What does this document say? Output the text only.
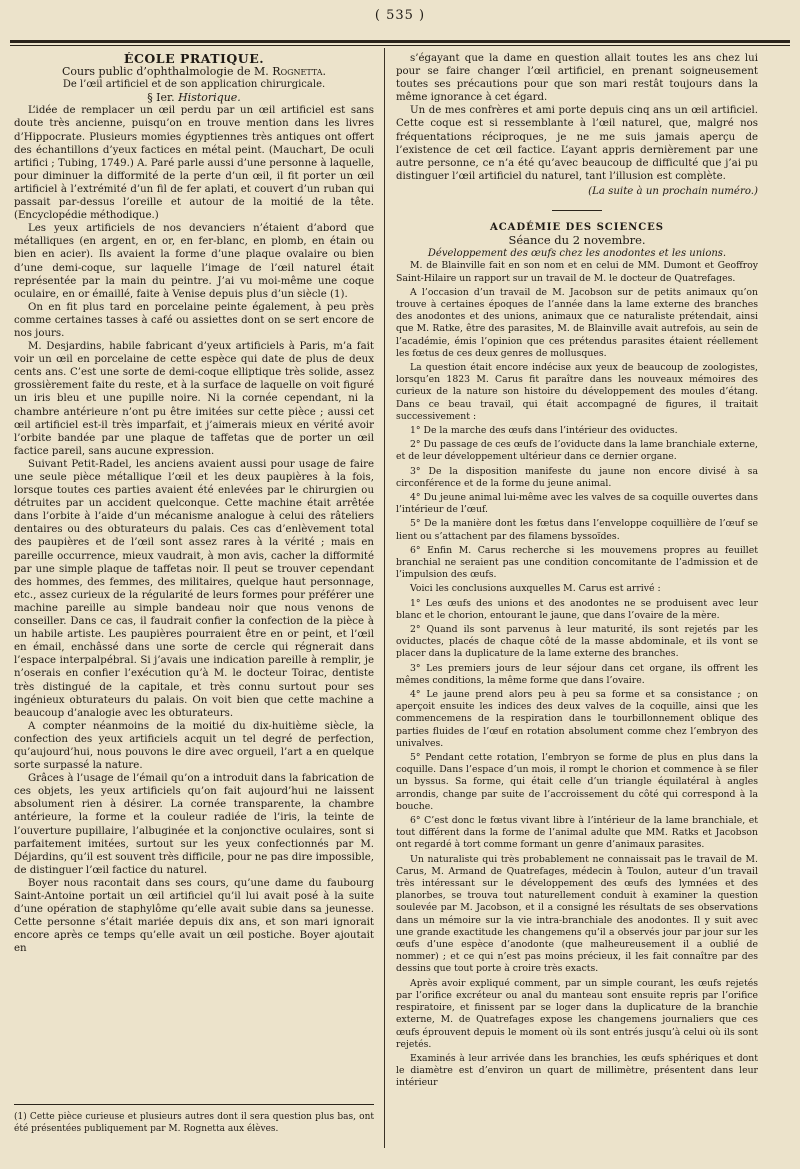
( 535 )

ÉCOLE PRATIQUE.

Cours public d’ophthalmologie de M. Rognetta.

De l’œil artificiel et de son application chirurgicale.

§ Ier. Historique.

L’idée de remplacer un œil perdu par un œil artificiel est sans doute très ancienne, puisqu’on en trouve mention dans les livres d’Hippocrate. Plusieurs momies égyptiennes très antiques ont offert des échantillons d’yeux factices en métal peint. (Mauchart, De oculi artifici ; Tubing, 1749.) A. Paré parle aussi d’une personne à laquelle, pour diminuer la difformité de la perte d’un œil, il fit porter un œil artificiel à l’extrémité d’un fil de fer aplati, et couvert d’un ruban qui passait par-dessus l’oreille et autour de la moitié de la tête. (Encyclopédie méthodique.)

Les yeux artificiels de nos devanciers n’étaient d’abord que métalliques (en argent, en or, en fer-blanc, en plomb, en étain ou bien en acier). Ils avaient la forme d’une plaque ovalaire ou bien d’une demi-coque, sur laquelle l’image de l’œil naturel était représentée par la main du peintre. J’ai vu moi-même une coque oculaire, en or émaillé, faite à Venise depuis plus d’un siècle (1).

On en fit plus tard en porcelaine peinte également, à peu près comme certaines tasses à café ou assiettes dont on se sert encore de nos jours.

M. Desjardins, habile fabricant d’yeux artificiels à Paris, m’a fait voir un œil en porcelaine de cette espèce qui date de plus de deux cents ans. C’est une sorte de demi-coque elliptique très solide, assez grossièrement faite du reste, et à la surface de laquelle on voit figuré un iris bleu et une pupille noire. Ni la cornée cependant, ni la chambre antérieure n’ont pu être imitées sur cette pièce ; aussi cet œil artificiel est-il très imparfait, et j’aimerais mieux en vérité avoir l’orbite bandée par une plaque de taffetas que de porter un œil factice pareil, sans aucune expression.

Suivant Petit-Radel, les anciens avaient aussi pour usage de faire une seule pièce métallique l’œil et les deux paupières à la fois, lorsque toutes ces parties avaient été enlevées par le chirurgien ou détruites par un accident quelconque. Cette machine était arrêtée dans l’orbite à l’aide d’un mécanisme analogue à celui des râteliers dentaires ou des obturateurs du palais. Ces cas d’enlèvement total des paupières et de l’œil sont assez rares à la vérité ; mais en pareille occurrence, mieux vaudrait, à mon avis, cacher la difformité par une simple plaque de taffetas noir. Il peut se trouver cependant des hommes, des femmes, des militaires, quelque haut personnage, etc., assez curieux de la régularité de leurs formes pour préférer une machine pareille au simple bandeau noir que nous venons de conseiller. Dans ce cas, il faudrait confier la confection de la pièce à un habile artiste. Les paupières pourraient être en or peint, et l’œil en émail, enchâssé dans une sorte de cercle qui régnerait dans l’espace interpalpébral. Si j’avais une indication pareille à remplir, je n’oserais en confier l’exécution qu’à M. le docteur Toirac, dentiste très distingué de la capitale, et très connu surtout pour ses ingénieux obturateurs du palais. On voit bien que cette machine a beaucoup d’analogie avec les obturateurs.

A compter néanmoins de la moitié du dix-huitième siècle, la confection des yeux artificiels acquit un tel degré de perfection, qu’aujourd’hui, nous pouvons le dire avec orgueil, l’art a en quelque sorte surpassé la nature.

Grâces à l’usage de l’émail qu’on a introduit dans la fabrication de ces objets, les yeux artificiels qu’on fait aujourd’hui ne laissent absolument rien à désirer. La cornée transparente, la chambre antérieure, la forme et la couleur radiée de l’iris, la teinte de l’ouverture pupillaire, l’albuginée et la conjonctive oculaires, sont si parfaitement imitées, surtout sur les yeux confectionnés par M. Déjardins, qu’il est souvent très difficile, pour ne pas dire impossible, de distinguer l’œil factice du naturel.

Boyer nous racontait dans ses cours, qu’une dame du faubourg Saint-Antoine portait un œil artificiel qu’il lui avait posé à la suite d’une opération de staphylôme qu’elle avait subie dans sa jeunesse. Cette personne s’était mariée depuis dix ans, et son mari ignorait encore après ce temps qu’elle avait un œil postiche. Boyer ajoutait en

(1) Cette pièce curieuse et plusieurs autres dont il sera question plus bas, ont été présentées publiquement par M. Rognetta aux élèves.

s’égayant que la dame en question allait toutes les ans chez lui pour se faire changer l’œil artificiel, en prenant soigneusement toutes ses précautions pour que son mari restât toujours dans la même ignorance à cet égard.

Un de mes confrères et ami porte depuis cinq ans un œil artificiel. Cette coque est si ressemblante à l’œil naturel, que, malgré nos fréquentations réciproques, je ne me suis jamais aperçu de l’existence de cet œil factice. L’ayant appris dernièrement par une autre personne, ce n’a été qu’avec beaucoup de difficulté que j’ai pu distinguer l’œil artificiel du naturel, tant l’illusion est complète.

(La suite à un prochain numéro.)

ACADÉMIE DES SCIENCES

Séance du 2 novembre.

Développement des œufs chez les anodontes et les unions.

M. de Blainville fait en son nom et en celui de MM. Dumont et Geoffroy Saint-Hilaire un rapport sur un travail de M. le docteur de Quatrefages.

A l’occasion d’un travail de M. Jacobson sur de petits animaux qu’on trouve à certaines époques de l’année dans la lame externe des branches des anodontes et des unions, animaux que ce naturaliste prétendait, ainsi que M. Ratke, être des parasites, M. de Blainville avait autrefois, au sein de l’académie, émis l’opinion que ces prétendus parasites étaient réellement les fœtus de ces deux genres de mollusques.

La question était encore indécise aux yeux de beaucoup de zoologistes, lorsqu’en 1823 M. Carus fit paraître dans les nouveaux mémoires des curieux de la nature son histoire du développement des moules d’étang. Dans ce beau travail, qui était accompagné de figures, il traitait successivement :

1° De la marche des œufs dans l’intérieur des oviductes.

2° Du passage de ces œufs de l’oviducte dans la lame branchiale externe, et de leur développement ultérieur dans ce dernier organe.

3° De la disposition manifeste du jaune non encore divisé à sa circonférence et de la forme du jeune animal.

4° Du jeune animal lui-même avec les valves de sa coquille ouvertes dans l’intérieur de l’œuf.

5° De la manière dont les fœtus dans l’enveloppe coquillière de l’œuf se lient ou s’attachent par des filamens byssoïdes.

6° Enfin M. Carus recherche si les mouvemens propres au feuillet branchial ne seraient pas une condition concomitante de l’admission et de l’impulsion des œufs.

Voici les conclusions auxquelles M. Carus est arrivé :

1° Les œufs des unions et des anodontes ne se produisent avec leur blanc et le chorion, entourant le jaune, que dans l’ovaire de la mère.

2° Quand ils sont parvenus à leur maturité, ils sont rejetés par les oviductes, placés de chaque côté de la masse abdominale, et ils vont se placer dans la duplicature de la lame externe des branches.

3° Les premiers jours de leur séjour dans cet organe, ils offrent les mêmes conditions, la même forme que dans l’ovaire.

4° Le jaune prend alors peu à peu sa forme et sa consistance ; on aperçoit ensuite les indices des deux valves de la coquille, ainsi que les commencemens de la respiration dans le tourbillonnement oblique des parties fluides de l’œuf en rotation absolument comme chez l’embryon des univalves.

5° Pendant cette rotation, l’embryon se forme de plus en plus dans la coquille. Dans l’espace d’un mois, il rompt le chorion et commence à se filer un byssus. Sa forme, qui était celle d’un triangle équilatéral à angles arrondis, change par suite de l’accroissement du côté qui correspond à la bouche.

6° C’est donc le fœtus vivant libre à l’intérieur de la lame branchiale, et tout différent dans la forme de l’animal adulte que MM. Ratks et Jacobson ont regardé à tort comme formant un genre d’animaux parasites.

Un naturaliste qui très probablement ne connaissait pas le travail de M. Carus, M. Armand de Quatrefages, médecin à Toulon, auteur d’un travail très intéressant sur le développement des œufs des lymnées et des planorbes, se trouva tout naturellement conduit à examiner la question soulevée par M. Jacobson, et il a consigné les résultats de ses observations dans un mémoire sur la vie intra-branchiale des anodontes. Il y suit avec une grande exactitude les changemens qu’il a observés jour par jour sur les œufs d’une espèce d’anodonte (que malheureusement il a oublié de nommer) ; et ce qui n’est pas moins précieux, il les fait connaître par des dessins que tout porte à croire très exacts.

Après avoir expliqué comment, par un simple courant, les œufs rejetés par l’orifice excréteur ou anal du manteau sont ensuite repris par l’orifice respiratoire, et finissent par se loger dans la duplicature de la branchie externe, M. de Quatrefages expose les changemens journaliers que ces œufs éprouvent depuis le moment où ils sont entrés jusqu’à celui où ils sont rejetés.

Examinés à leur arrivée dans les branchies, les œufs sphériques et dont le diamètre est d’environ un quart de millimètre, présentent dans leur intérieur
